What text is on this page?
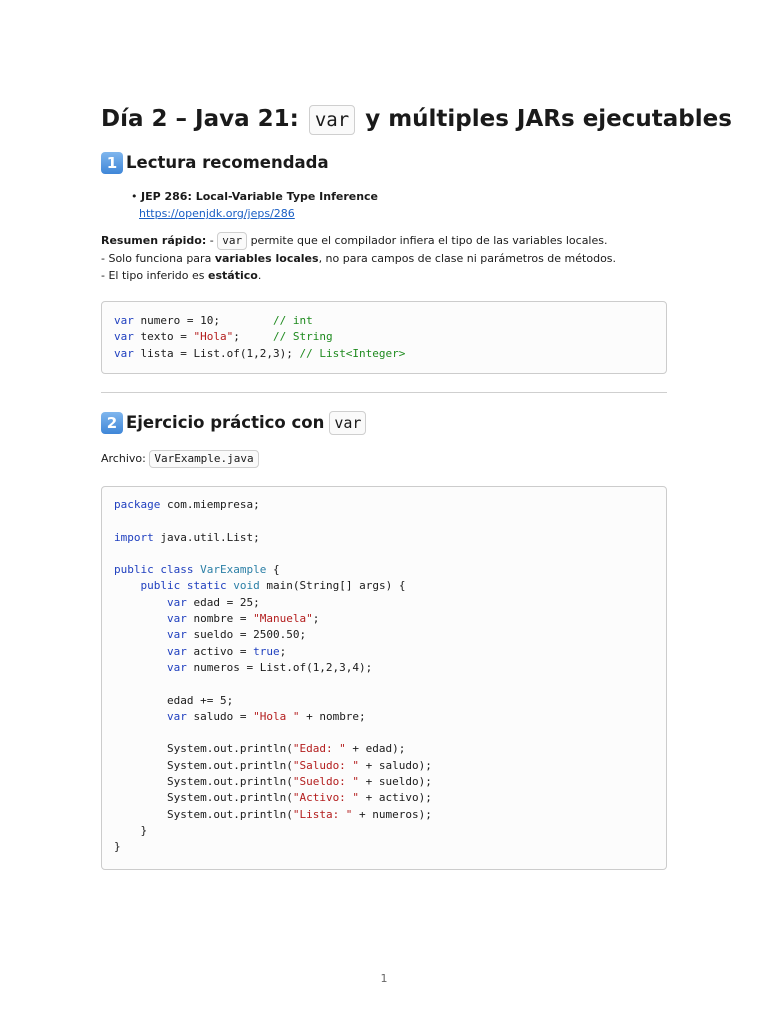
Día 2 – Java 21: var y múltiples JARs ejecutables
1 Lectura recomendada
• JEP 286: Local-Variable Type Inference
https://openjdk.org/jeps/286
Resumen rápido: - var permite que el compilador infiera el tipo de las variables locales.
- Solo funciona para variables locales, no para campos de clase ni parámetros de métodos.
- El tipo inferido es estático.
var numero = 10;        // int
var texto = "Hola";     // String
var lista = List.of(1,2,3); // List<Integer>
2 Ejercicio práctico con var
Archivo: VarExample.java
package com.miempresa;

import java.util.List;

public class VarExample {
public static void main(String[] args) {
var edad = 25;
var nombre = "Manuela";
var sueldo = 2500.50;
var activo = true;
var numeros = List.of(1,2,3,4);

edad += 5;
var saludo = "Hola " + nombre;

System.out.println("Edad: " + edad);
System.out.println("Saludo: " + saludo);
System.out.println("Sueldo: " + sueldo);
System.out.println("Activo: " + activo);
System.out.println("Lista: " + numeros);
}
}
1
